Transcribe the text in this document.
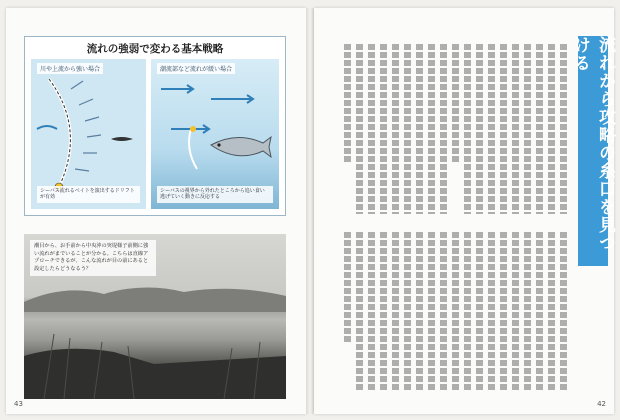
流れの強弱で変わる基本戦略
川や上流から強い場合
シーバス流れるベイトを演出するドリフトが有効
潮流部など流れが緩い場合
シーバスの視界から外れたところから追い食い 逃げていく動きに反応する
潮目から、お手前から中央沖の突堤様子前側に強い流れがまでいることが分かる。こちらは直線アプローチできるが、こんな流れが目の前にあると設定したらどうなるう？
43
流れから攻略の糸口を見つける
42
